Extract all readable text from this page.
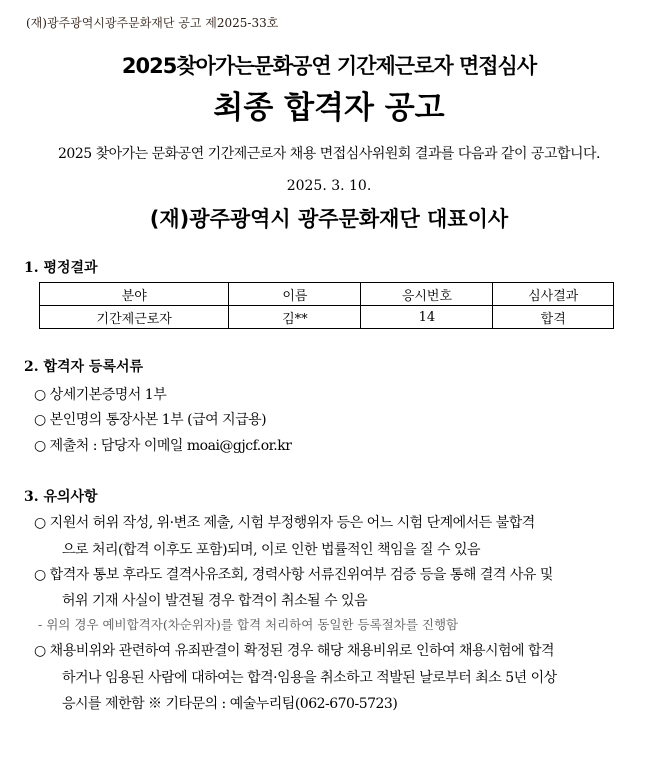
(재)광주광역시광주문화재단 공고 제2025-33호
2025찾아가는문화공연 기간제근로자 면접심사
최종 합격자 공고
2025 찾아가는 문화공연 기간제근로자 채용 면접심사위원회 결과를 다음과 같이 공고합니다.
2025. 3. 10.
(재)광주광역시 광주문화재단 대표이사
1. 평정결과
분야	이름	응시번호	심사결과
기간제근로자	김**	14	합격
2. 합격자 등록서류
○ 상세기본증명서 1부
○ 본인명의 통장사본 1부 (급여 지급용)
○ 제출처 : 담당자 이메일 moai@gjcf.or.kr
3. 유의사항
○ 지원서 허위 작성, 위·변조 제출, 시험 부정행위자 등은 어느 시험 단계에서든 불합격
으로 처리(합격 이후도 포함)되며, 이로 인한 법률적인 책임을 질 수 있음
○ 합격자 통보 후라도 결격사유조회, 경력사항 서류진위여부 검증 등을 통해 결격 사유 및
허위 기재 사실이 발견될 경우 합격이 취소될 수 있음
- 위의 경우 예비합격자(차순위자)를 합격 처리하여 동일한 등록절차를 진행함
○ 채용비위와 관련하여 유죄판결이 확정된 경우 해당 채용비위로 인하여 채용시험에 합격
하거나 임용된 사람에 대하여는 합격·임용을 취소하고 적발된 날로부터 최소 5년 이상
응시를 제한함 ※ 기타문의 : 예술누리팀(062-670-5723)
